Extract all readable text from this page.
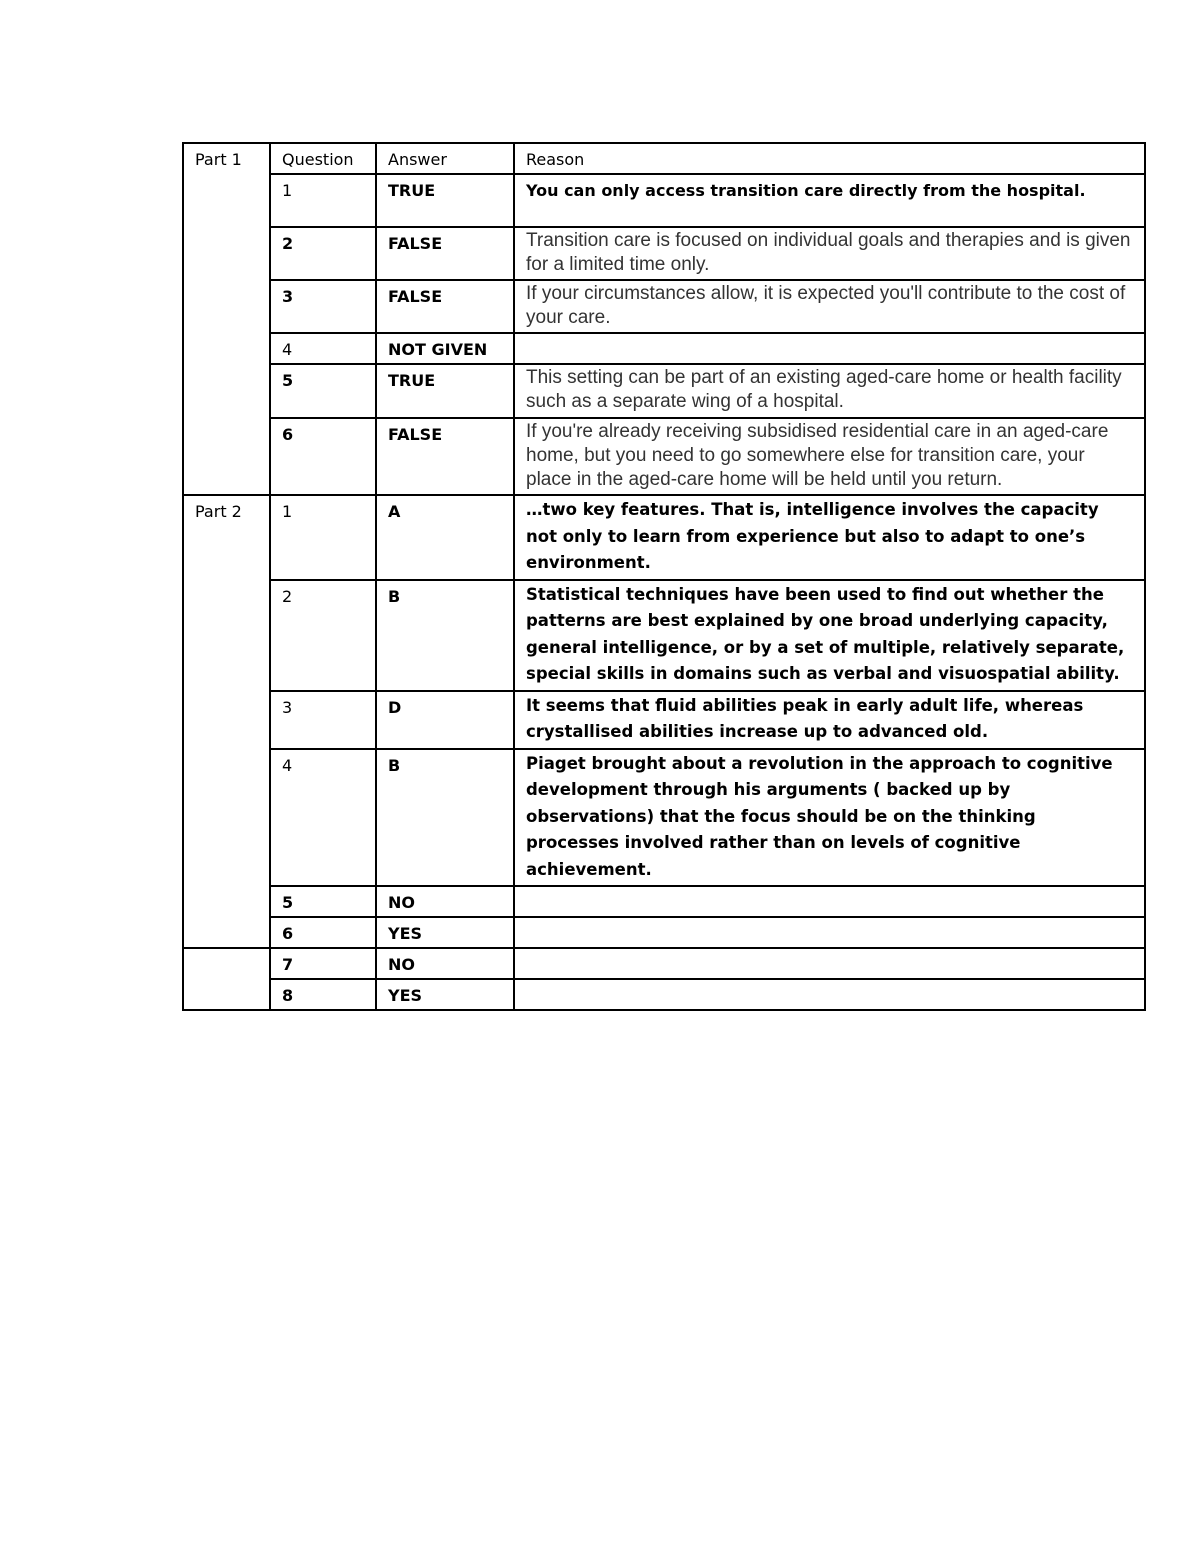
Part 1	Question	Answer	Reason
	1	TRUE	You can only access transition care directly from the hospital.
	2	FALSE	Transition care is focused on individual goals and therapies and is given for a limited time only.
	3	FALSE	If your circumstances allow, it is expected you'll contribute to the cost of your care.
	4	NOT GIVEN	
	5	TRUE	This setting can be part of an existing aged-care home or health facility such as a separate wing of a hospital.
	6	FALSE	If you're already receiving subsidised residential care in an aged-care home, but you need to go somewhere else for transition care, your place in the aged-care home will be held until you return.
Part 2	1	A	…two key features. That is, intelligence involves the capacity not only to learn from experience but also to adapt to one’s environment.
	2	B	Statistical techniques have been used to find out whether the patterns are best explained by one broad underlying capacity, general intelligence, or by a set of multiple, relatively separate, special skills in domains such as verbal and visuospatial ability.
	3	D	It seems that fluid abilities peak in early adult life, whereas crystallised abilities increase up to advanced old.
	4	B	Piaget brought about a revolution in the approach to cognitive development through his arguments ( backed up by observations) that the focus should be on the thinking processes involved rather than on levels of cognitive achievement.
	5	NO	
	6	YES	
	7	NO	
	8	YES	
